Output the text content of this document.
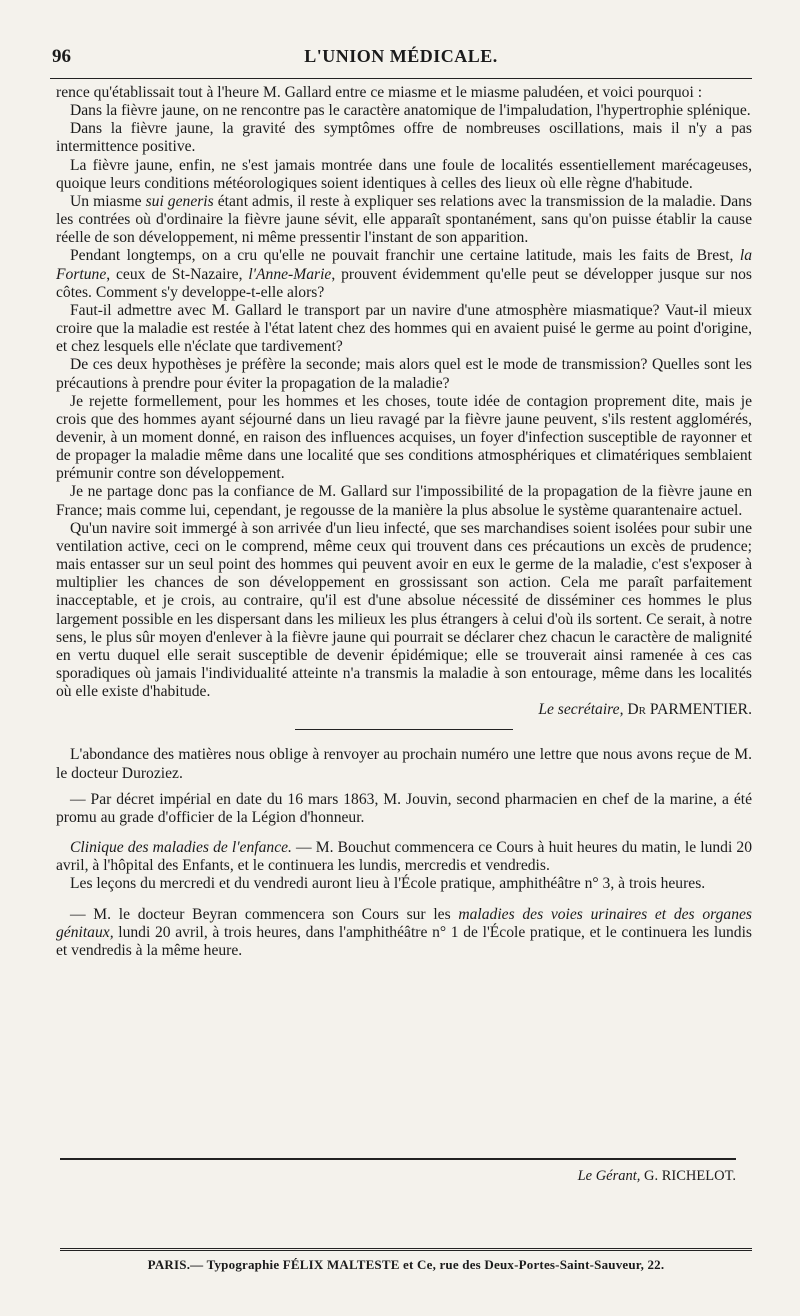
96	L'UNION MÉDICALE.

rence qu'établissait tout à l'heure M. Gallard entre ce miasme et le miasme paludéen, et voici pourquoi :

Dans la fièvre jaune, on ne rencontre pas le caractère anatomique de l'impaludation, l'hypertrophie splénique.

Dans la fièvre jaune, la gravité des symptômes offre de nombreuses oscillations, mais il n'y a pas intermittence positive.

La fièvre jaune, enfin, ne s'est jamais montrée dans une foule de localités essentiellement marécageuses, quoique leurs conditions météorologiques soient identiques à celles des lieux où elle règne d'habitude.

Un miasme sui generis étant admis, il reste à expliquer ses relations avec la transmission de la maladie. Dans les contrées où d'ordinaire la fièvre jaune sévit, elle apparaît spontanément, sans qu'on puisse établir la cause réelle de son développement, ni même pressentir l'instant de son apparition.

Pendant longtemps, on a cru qu'elle ne pouvait franchir une certaine latitude, mais les faits de Brest, la Fortune, ceux de St-Nazaire, l'Anne-Marie, prouvent évidemment qu'elle peut se développer jusque sur nos côtes. Comment s'y developpe-t-elle alors?

Faut-il admettre avec M. Gallard le transport par un navire d'une atmosphère miasmatique? Vaut-il mieux croire que la maladie est restée à l'état latent chez des hommes qui en avaient puisé le germe au point d'origine, et chez lesquels elle n'éclate que tardivement?

De ces deux hypothèses je préfère la seconde; mais alors quel est le mode de transmission? Quelles sont les précautions à prendre pour éviter la propagation de la maladie?

Je rejette formellement, pour les hommes et les choses, toute idée de contagion proprement dite, mais je crois que des hommes ayant séjourné dans un lieu ravagé par la fièvre jaune peuvent, s'ils restent agglomérés, devenir, à un moment donné, en raison des influences acquises, un foyer d'infection susceptible de rayonner et de propager la maladie même dans une localité que ses conditions atmosphériques et climatériques semblaient prémunir contre son développement.

Je ne partage donc pas la confiance de M. Gallard sur l'impossibilité de la propagation de la fièvre jaune en France; mais comme lui, cependant, je regousse de la manière la plus absolue le système quarantenaire actuel.

Qu'un navire soit immergé à son arrivée d'un lieu infecté, que ses marchandises soient isolées pour subir une ventilation active, ceci on le comprend, même ceux qui trouvent dans ces précautions un excès de prudence; mais entasser sur un seul point des hommes qui peuvent avoir en eux le germe de la maladie, c'est s'exposer à multiplier les chances de son développement en grossissant son action. Cela me paraît parfaitement inacceptable, et je crois, au contraire, qu'il est d'une absolue nécessité de disséminer ces hommes le plus largement possible en les dispersant dans les milieux les plus étrangers à celui d'où ils sortent. Ce serait, à notre sens, le plus sûr moyen d'enlever à la fièvre jaune qui pourrait se déclarer chez chacun le caractère de malignité en vertu duquel elle serait susceptible de devenir épidémique; elle se trouverait ainsi ramenée à ces cas sporadiques où jamais l'individualité atteinte n'a transmis la maladie à son entourage, même dans les localités où elle existe d'habitude.

Le secrétaire, Dr PARMENTIER.

L'abondance des matières nous oblige à renvoyer au prochain numéro une lettre que nous avons reçue de M. le docteur Duroziez.

— Par décret impérial en date du 16 mars 1863, M. Jouvin, second pharmacien en chef de la marine, a été promu au grade d'officier de la Légion d'honneur.

Clinique des maladies de l'enfance. — M. Bouchut commencera ce Cours à huit heures du matin, le lundi 20 avril, à l'hôpital des Enfants, et le continuera les lundis, mercredis et vendredis.

Les leçons du mercredi et du vendredi auront lieu à l'École pratique, amphithéâtre n° 3, à trois heures.

— M. le docteur Beyran commencera son Cours sur les maladies des voies urinaires et des organes génitaux, lundi 20 avril, à trois heures, dans l'amphithéâtre n° 1 de l'École pratique, et le continuera les lundis et vendredis à la même heure.

Le Gérant, G. RICHELOT.
PARIS.— Typographie FÉLIX MALTESTE et Ce, rue des Deux-Portes-Saint-Sauveur, 22.
